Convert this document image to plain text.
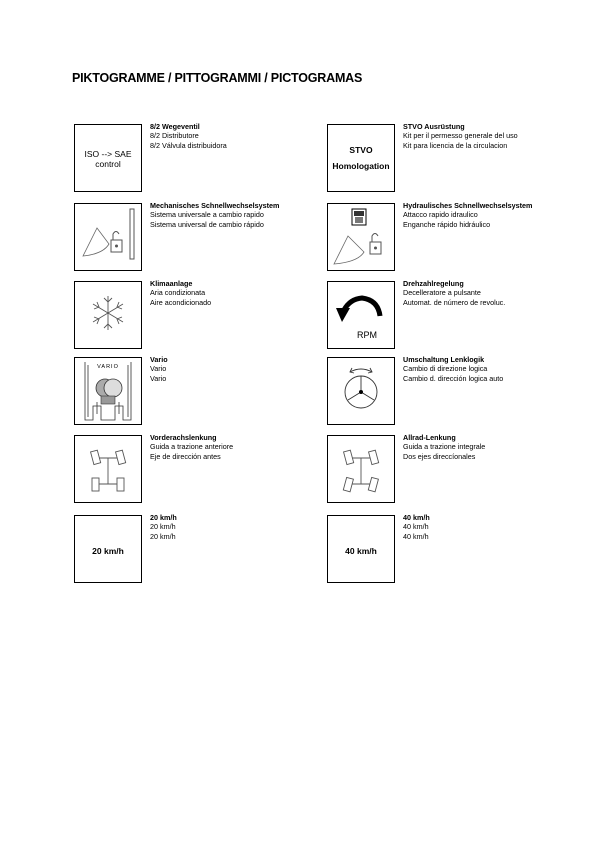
PIKTOGRAMME / PITTOGRAMMI / PICTOGRAMAS
ISO --> SAE
control
8/2 Wegeventil
8/2 Distributore
8/2 Válvula distribuidora	STVO
Homologation
STVO Ausrüstung
Kit per il permesso generale del uso
Kit para licencia de la circulacion
Mechanisches Schnellwechselsystem
Sistema universale a cambio rapido
Sistema universal de cambio rápido
Hydraulisches Schnellwechselsystem
Attacco rapido idraulico
Enganche rápido hidráulico
Klimaanlage
Aria condizionata
Aire acondicionado
RPM
Drehzahlregelung
Decelleratore a pulsante
Automat. de número de revoluc.
VARIO
Vario
Vario
Vario
Umschaltung Lenklogik
Cambio di direzione logica
Cambio d. dirección logica auto
Vorderachslenkung
Guida a trazione anteriore
Eje de dirección antes
Allrad-Lenkung
Guida a trazione integrale
Dos ejes direccíonales
20 km/h
20 km/h
20 km/h
20 km/h
40 km/h
40 km/h
40 km/h
40 km/h
